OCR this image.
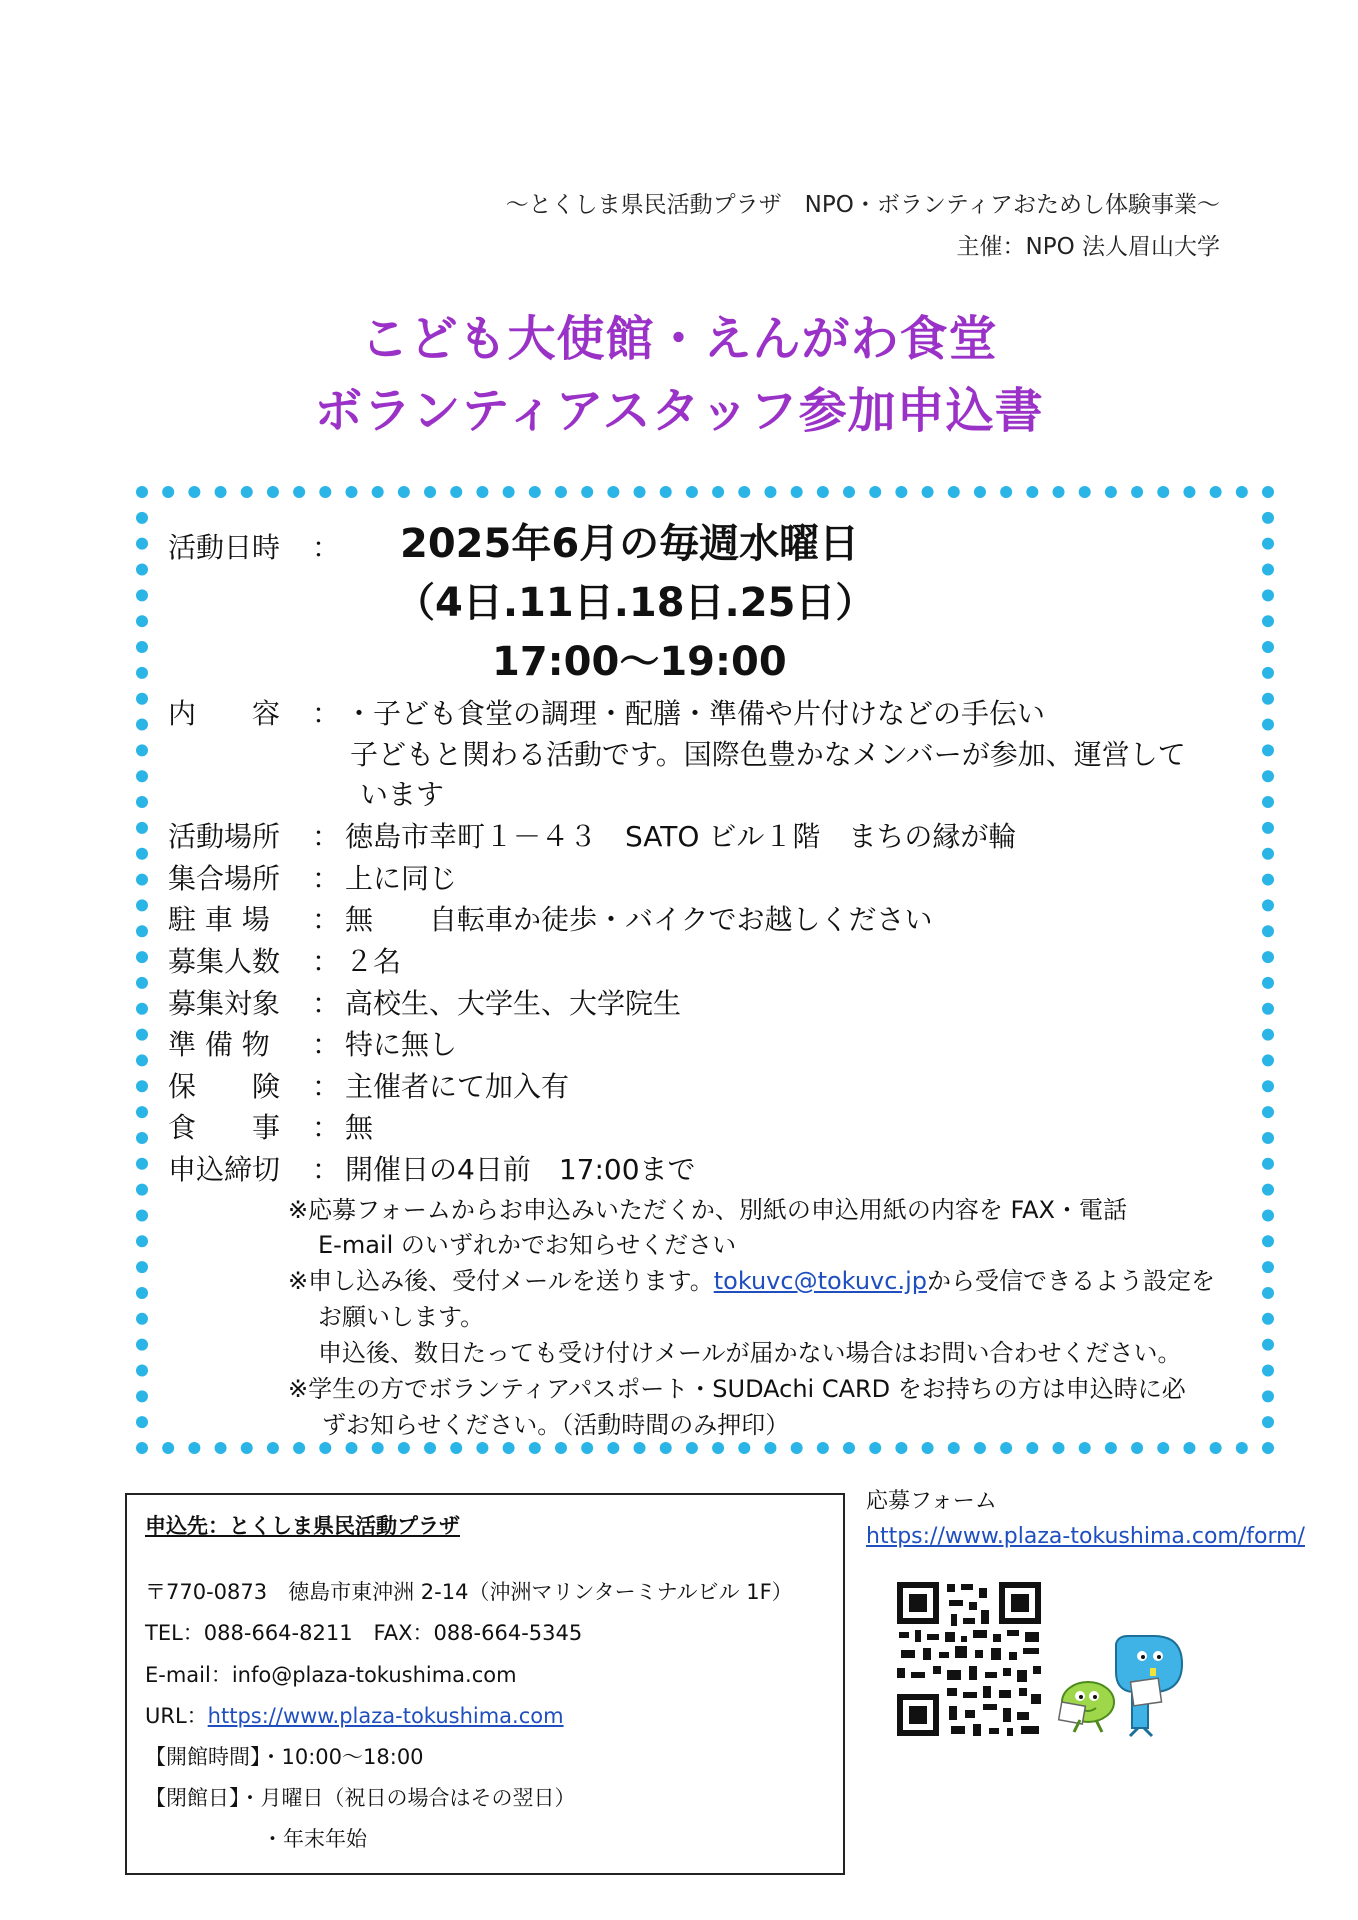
～とくしま県民活動プラザ　NPO・ボランティアおためし体験事業～
主催：NPO 法人眉山大学
こども大使館・えんがわ食堂
ボランティアスタッフ参加申込書
活動日時 ： 2025年6月の毎週水曜日
（4日.11日.18日.25日）
17:00～19:00
内　　容 ： ・子ども食堂の調理・配膳・準備や片付けなどの手伝い
子どもと関わる活動です。国際色豊かなメンバーが参加、運営して
います
活動場所 ： 徳島市幸町１－４３　SATO ビル１階　まちの縁が輪
集合場所 ： 上に同じ
駐 車 場 ： 無　　自転車か徒歩・バイクでお越しください
募集人数 ： ２名
募集対象 ： 高校生、大学生、大学院生
準 備 物 ： 特に無し
保　　険 ： 主催者にて加入有
食　　事 ： 無
申込締切 ： 開催日の4日前　17:00まで
※応募フォームからお申込みいただくか、別紙の申込用紙の内容を FAX・電話
E-mail のいずれかでお知らせください
※申し込み後、受付メールを送ります。tokuvc@tokuvc.jpから受信できるよう設定を
お願いします。
申込後、数日たっても受け付けメールが届かない場合はお問い合わせください。
※学生の方でボランティアパスポート・SUDAchi CARD をお持ちの方は申込時に必
ずお知らせください。（活動時間のみ押印）
申込先：とくしま県民活動プラザ
〒770-0873　徳島市東沖洲 2-14（沖洲マリンターミナルビル 1F）
TEL：088-664-8211　FAX：088-664-5345
E-mail：info@plaza-tokushima.com
URL：https://www.plaza-tokushima.com
【開館時間】・10:00～18:00
【閉館日】・月曜日（祝日の場合はその翌日）
・年末年始
応募フォーム
https://www.plaza-tokushima.com/form/
